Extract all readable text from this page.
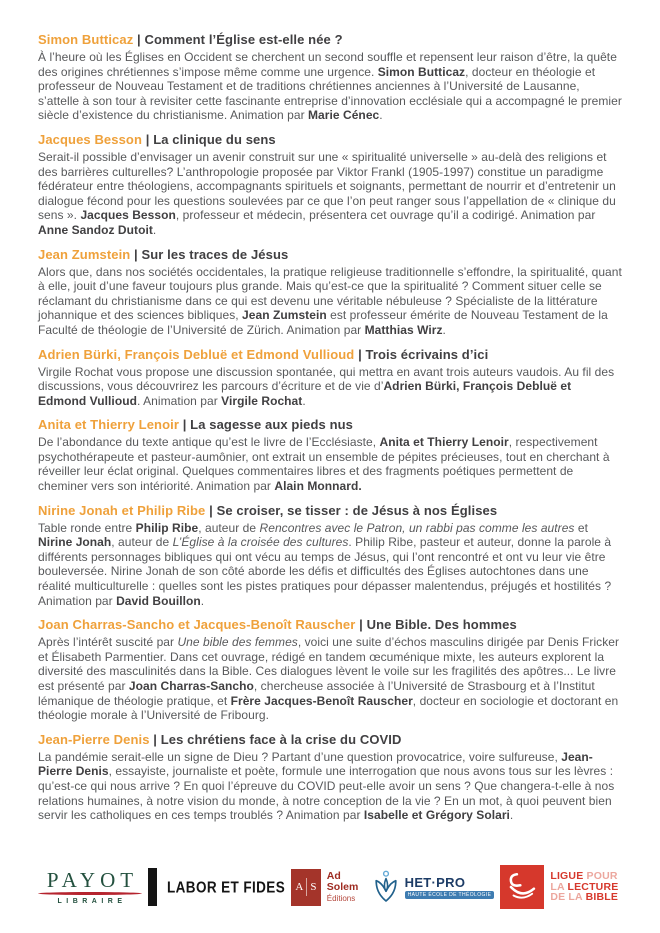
Simon Butticaz | Comment l’Église est-elle née ?

À l’heure où les Églises en Occident se cherchent un second souffle et repensent leur raison d’être, la quête des origines chrétiennes s’impose même comme une urgence. Simon Butticaz, docteur en théologie et professeur de Nouveau Testament et de traditions chrétiennes anciennes à l’Université de Lausanne, s’attelle à son tour à revisiter cette fascinante entreprise d’innovation ecclésiale qui a accompagné le premier siècle d’existence du christianisme. Animation par Marie Cénec.

Jacques Besson | La clinique du sens

Serait-il possible d’envisager un avenir construit sur une « spiritualité universelle » au-delà des religions et des barrières culturelles? L’anthropologie proposée par Viktor Frankl (1905-1997) constitue un paradigme fédérateur entre théologiens, accompagnants spirituels et soignants, permettant de nourrir et d’entretenir un dialogue fécond pour les questions soulevées par ce que l’on peut ranger sous l’appellation de « clinique du sens ». Jacques Besson, professeur et médecin, présentera cet ouvrage qu’il a codirigé. Animation par Anne Sandoz Dutoit.

Jean Zumstein | Sur les traces de Jésus

Alors que, dans nos sociétés occidentales, la pratique religieuse traditionnelle s’effondre, la spiritualité, quant à elle, jouit d’une faveur toujours plus grande. Mais qu’est-ce que la spiritualité ? Comment situer celle se réclamant du christianisme dans ce qui est devenu une véritable nébuleuse ? Spécialiste de la littérature johannique et des sciences bibliques, Jean Zumstein est professeur émérite de Nouveau Testament de la Faculté de théologie de l’Université de Zürich. Animation par Matthias Wirz.

Adrien Bürki, François Debluë et Edmond Vullioud | Trois écrivains d’ici

Virgile Rochat vous propose une discussion spontanée, qui mettra en avant trois auteurs vaudois. Au fil des discussions, vous découvrirez les parcours d’écriture et de vie d’Adrien Bürki, François Debluë et Edmond Vullioud. Animation par Virgile Rochat.

Anita et Thierry Lenoir | La sagesse aux pieds nus

De l’abondance du texte antique qu’est le livre de l’Ecclésiaste, Anita et Thierry Lenoir, respectivement psychothérapeute et pasteur-aumônier, ont extrait un ensemble de pépites précieuses, tout en cherchant à réveiller leur éclat original. Quelques commentaires libres et des fragments poétiques permettent de cheminer vers son intériorité. Animation par Alain Monnard.

Nirine Jonah et Philip Ribe | Se croiser, se tisser : de Jésus à nos Églises

Table ronde entre Philip Ribe, auteur de Rencontres avec le Patron, un rabbi pas comme les autres et Nirine Jonah, auteur de L’Église à la croisée des cultures. Philip Ribe, pasteur et auteur, donne la parole à différents personnages bibliques qui ont vécu au temps de Jésus, qui l’ont rencontré et ont vu leur vie être bouleversée. Nirine Jonah de son côté aborde les défis et difficultés des Églises autochtones dans une réalité multiculturelle : quelles sont les pistes pratiques pour dépasser malentendus, préjugés et hostilités ? Animation par David Bouillon.

Joan Charras-Sancho et Jacques-Benoît Rauscher | Une Bible. Des hommes

Après l’intérêt suscité par Une bible des femmes, voici une suite d’échos masculins dirigée par Denis Fricker et Élisabeth Parmentier. Dans cet ouvrage, rédigé en tandem œcuménique mixte, les auteurs explorent la diversité des masculinités dans la Bible. Ces dialogues lèvent le voile sur les fragilités des apôtres... Le livre est présenté par Joan Charras-Sancho, chercheuse associée à l’Université de Strasbourg et à l’Institut lémanique de théologie pratique, et Frère Jacques-Benoît Rauscher, docteur en sociologie et doctorant en théologie morale à l’Université de Fribourg.

Jean-Pierre Denis | Les chrétiens face à la crise du COVID

La pandémie serait-elle un signe de Dieu ? Partant d’une question provocatrice, voire sulfureuse, Jean-Pierre Denis, essayiste, journaliste et poète, formule une interrogation que nous avons tous sur les lèvres : qu’est-ce qui nous arrive ? En quoi l’épreuve du COVID peut-elle avoir un sens ? Que changera-t-elle à nos relations humaines, à notre vision du monde, à notre conception de la vie ? En un mot, à quoi peuvent bien servir les catholiques en ces temps troublés ? Animation par Isabelle et Grégory Solari.

PAYOT
LIBRAIRE
LABOR ET FIDES A S
Ad Solem
Éditions
HET·PRO
HAUTE ÉCOLE DE THÉOLOGIE
LIGUE POUR
LA LECTURE
DE LA BIBLE
